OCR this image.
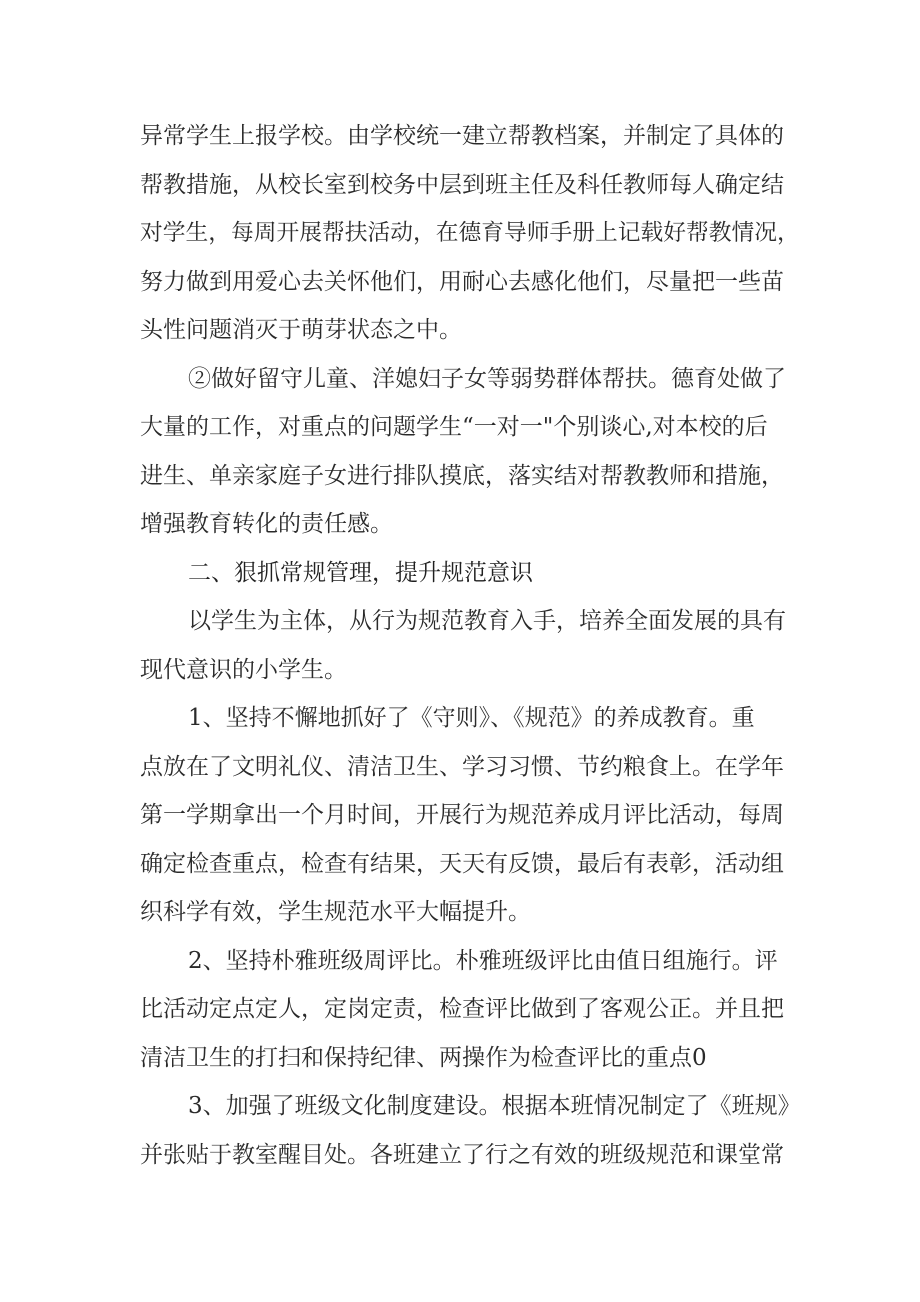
异常学生上报学校。由学校统一建立帮教档案，并制定了具体的
帮教措施，从校长室到校务中层到班主任及科任教师每人确定结
对学生，每周开展帮扶活动，在德育导师手册上记载好帮教情况，
努力做到用爱心去关怀他们，用耐心去感化他们，尽量把一些苗
头性问题消灭于萌芽状态之中。

②做好留守儿童、洋媳妇子女等弱势群体帮扶。德育处做了
大量的工作，对重点的问题学生“一对一"个别谈心,对本校的后
进生、单亲家庭子女进行排队摸底，落实结对帮教教师和措施，
增强教育转化的责任感。

二、狠抓常规管理，提升规范意识

以学生为主体，从行为规范教育入手，培养全面发展的具有
现代意识的小学生。

1、坚持不懈地抓好了《守则》、《规范》的养成教育。重
点放在了文明礼仪、清洁卫生、学习习惯、节约粮食上。在学年
第一学期拿出一个月时间，开展行为规范养成月评比活动，每周
确定检查重点，检查有结果，天天有反馈，最后有表彰，活动组
织科学有效，学生规范水平大幅提升。

2、坚持朴雅班级周评比。朴雅班级评比由值日组施行。评
比活动定点定人，定岗定责，检查评比做到了客观公正。并且把
清洁卫生的打扫和保持纪律、两操作为检查评比的重点0

3、加强了班级文化制度建设。根据本班情况制定了《班规》
并张贴于教室醒目处。各班建立了行之有效的班级规范和课堂常
